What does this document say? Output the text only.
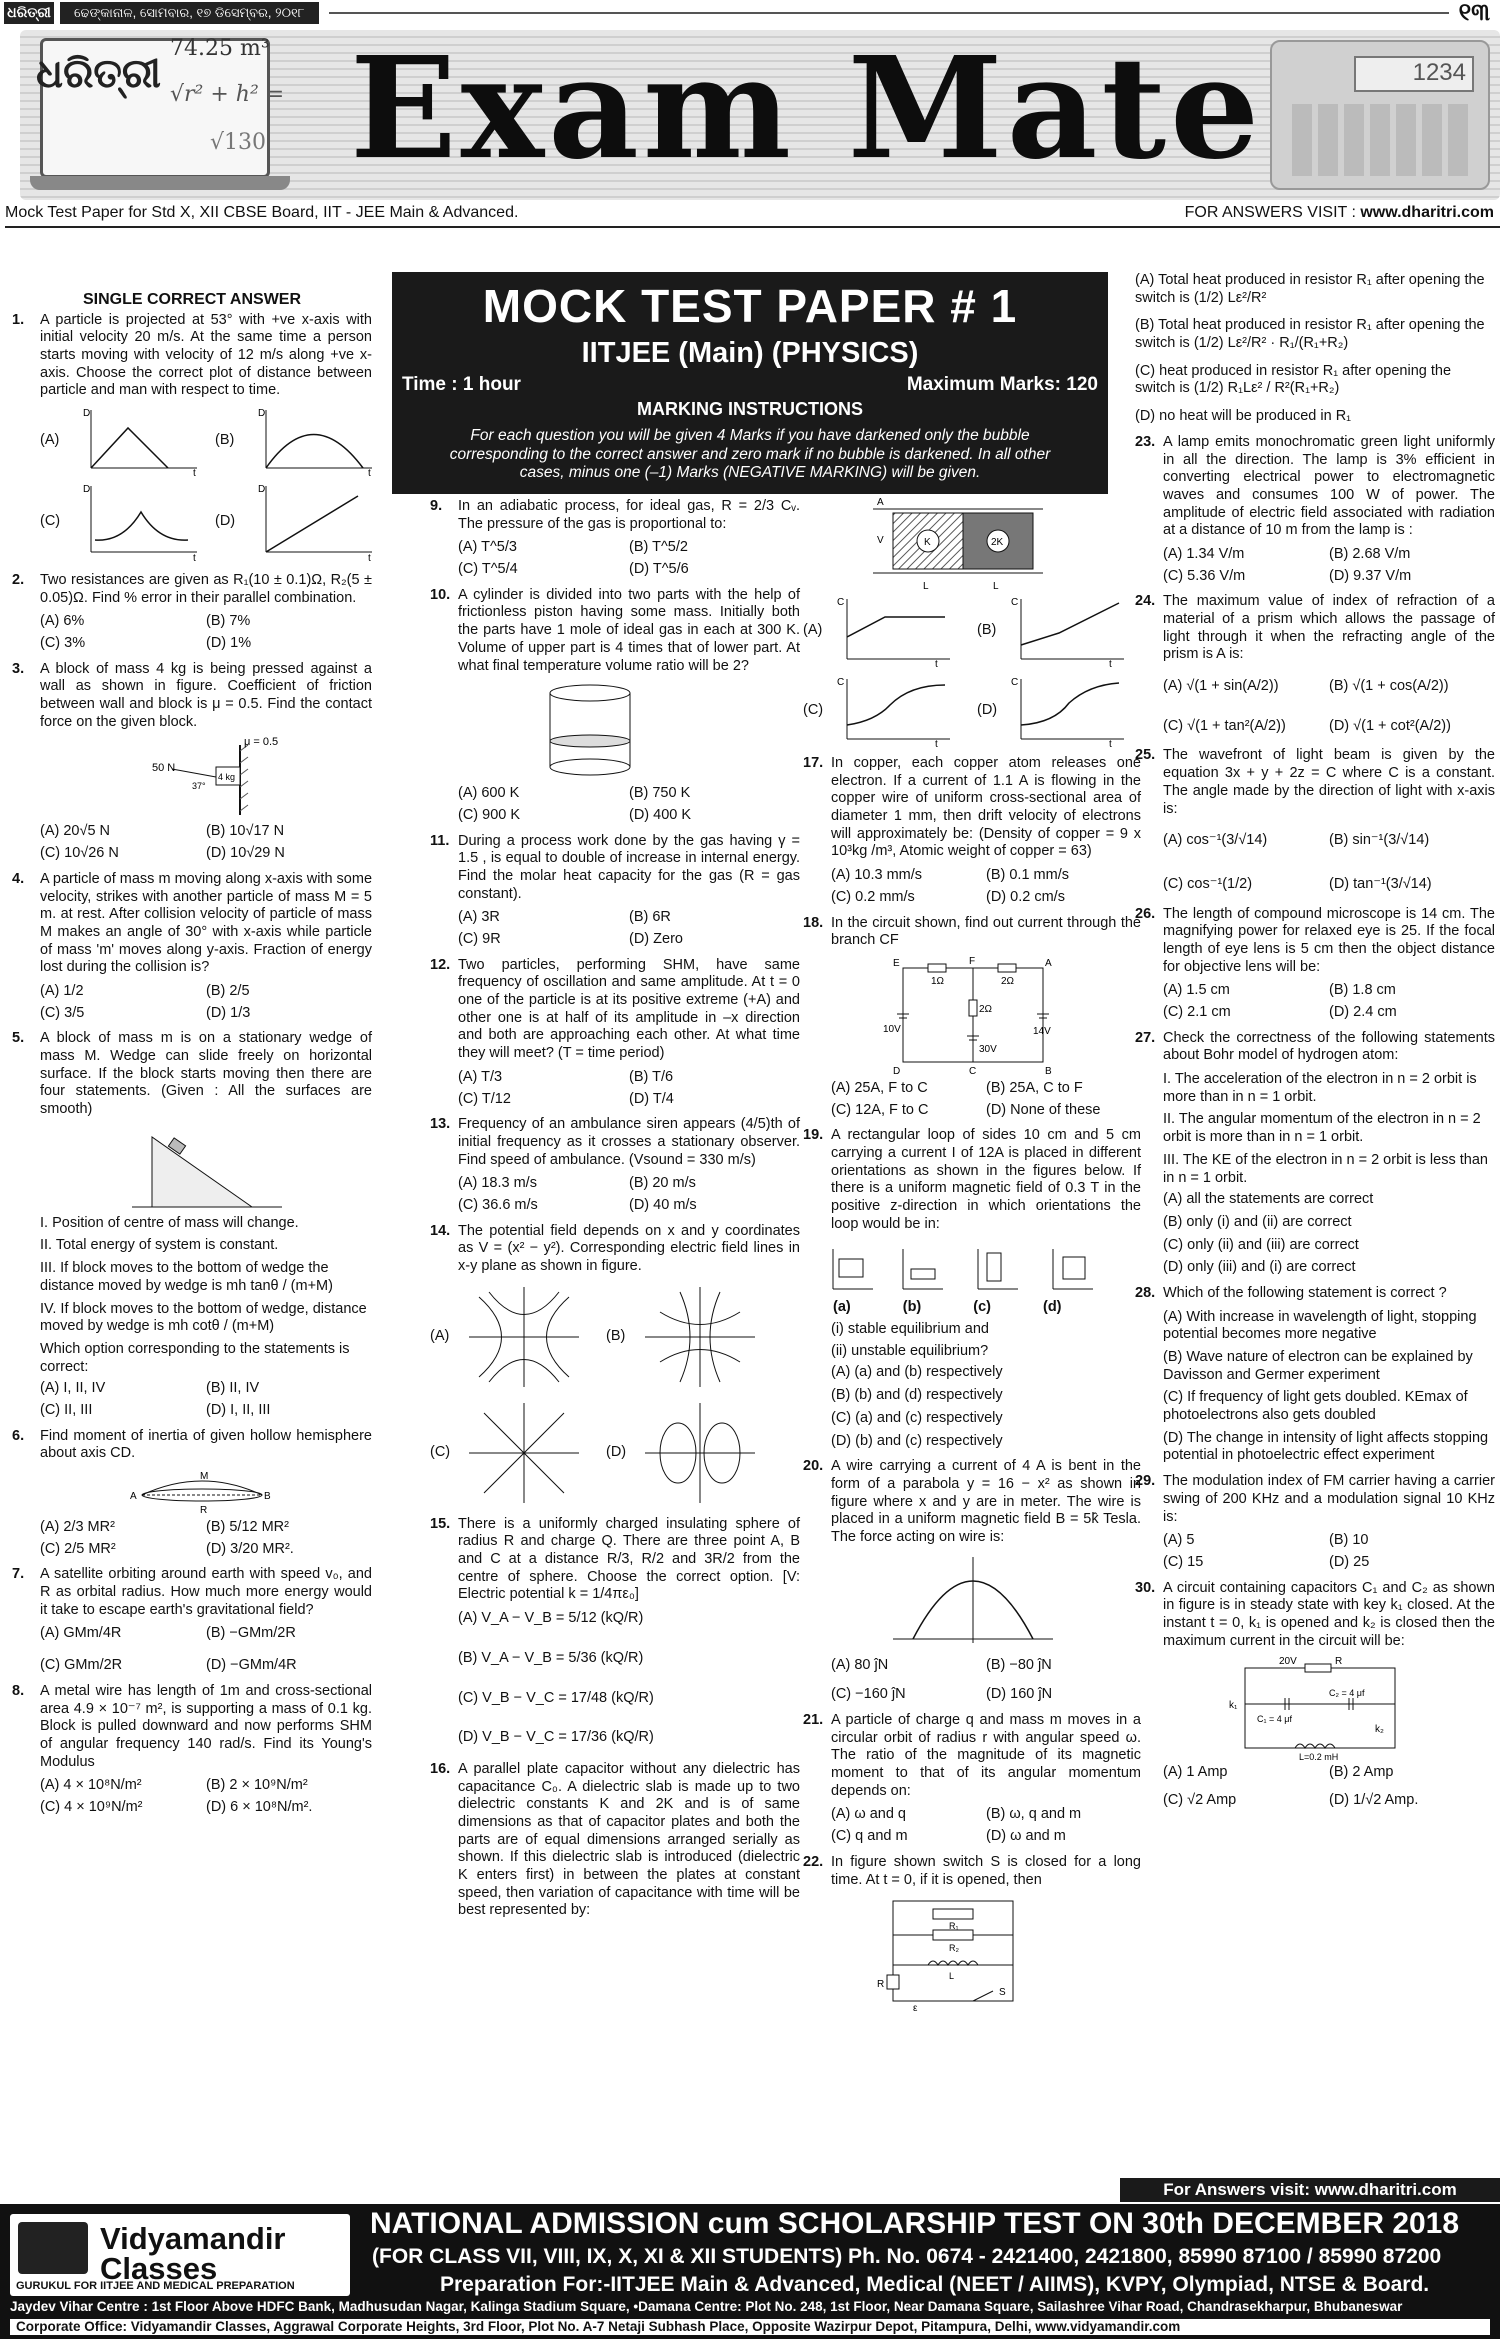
ଧରିତ୍ରୀ	ଢେଙ୍କାନାଳ, ସୋମବାର, ୧୭ ଡିସେମ୍ବର, ୨୦୧୮	୧୩
ଧରିତ୍ରୀ
74.25 m³
√r² + h² =
√130 Exam Mate	1234
Mock Test Paper for Std X, XII CBSE Board, IIT - JEE Main & Advanced.	FOR ANSWERS VISIT : www.dharitri.com
MOCK TEST PAPER # 1
IITJEE (Main) (PHYSICS)
Time : 1 hour	Maximum Marks: 120
MARKING INSTRUCTIONS
For each question you will be given 4 Marks if you have darkened only the bubble corresponding to the correct answer and zero mark if no bubble is darkened. In all other cases, minus one (–1) Marks (NEGATIVE MARKING) will be given.
SINGLE CORRECT ANSWER
1.	A particle is projected at 53° with +ve x-axis with initial velocity 20 m/s. At the same time a person starts moving with velocity of 12 m/s along +ve x-axis. Choose the correct plot of distance between particle and man with respect to time.
(A)
D
t
(B)
D
t
(C)
D
t
(D)
D
t
2.	Two resistances are given as R₁(10 ± 0.1)Ω, R₂(5 ± 0.05)Ω. Find % error in their parallel combination.
(A) 6%	(B) 7%
(C) 3%	(D) 1%
3.	A block of mass 4 kg is being pressed against a wall as shown in figure. Coefficient of friction between wall and block is μ = 0.5. Find the contact force on the given block.
4 kg
μ = 0.5
50 N
37°
(A) 20√5 N	(B) 10√17 N
(C) 10√26 N	(D) 10√29 N
4.	A particle of mass m moving along x-axis with some velocity, strikes with another particle of mass M = 5 m. at rest. After collision velocity of particle of mass M makes an angle of 30° with x-axis while particle of mass 'm' moves along y-axis. Fraction of energy lost during the collision is?
(A) 1/2	(B) 2/5
(C) 3/5	(D) 1/3
5.	A block of mass m is on a stationary wedge of mass M. Wedge can slide freely on horizontal surface. If the block starts moving then there are four statements. (Given : All the surfaces are smooth)
I. Position of centre of mass will change.
II. Total energy of system is constant.
III. If block moves to the bottom of wedge the distance moved by wedge is mh tanθ / (m+M)
IV. If block moves to the bottom of wedge, distance moved by wedge is mh cotθ / (m+M)
Which option corresponding to the statements is correct:
(A) I, II, IV	(B) II, IV
(C) II, III	(D) I, II, III
6.	Find moment of inertia of given hollow hemisphere about axis CD.
A	B
M
R
(A) 2/3 MR²	(B) 5/12 MR²
(C) 2/5 MR²	(D) 3/20 MR².
7.	A satellite orbiting around earth with speed v₀, and R as orbital radius. How much more energy would it take to escape earth's gravitational field?
(A) GMm/4R	(B) −GMm/2R
(C) GMm/2R	(D) −GMm/4R
8.	A metal wire has length of 1m and cross-sectional area 4.9 × 10⁻⁷ m², is supporting a mass of 0.1 kg. Block is pulled downward and now performs SHM of angular frequency 140 rad/s. Find its Young's Modulus
(A) 4 × 10⁸N/m²	(B) 2 × 10⁹N/m²
(C) 4 × 10⁹N/m²	(D) 6 × 10⁸N/m².
9.	In an adiabatic process, for ideal gas, R = 2/3 Cᵥ. The pressure of the gas is proportional to:
(A) T^5/3	(B) T^5/2
(C) T^5/4	(D) T^5/6
10. A cylinder is divided into two parts with the help of frictionless piston having some mass. Initially both the parts have 1 mole of ideal gas in each at 300 K. Volume of upper part is 4 times that of lower part. At what final temperature volume ratio will be 2?
(A) 600 K	(B) 750 K
(C) 900 K	(D) 400 K
11. During a process work done by the gas having γ = 1.5 , is equal to double of increase in internal energy. Find the molar heat capacity for the gas (R = gas constant).
(A) 3R	(B) 6R
(C) 9R	(D) Zero
12. Two particles, performing SHM, have same frequency of oscillation and same amplitude. At t = 0 one of the particle is at its positive extreme (+A) and other one is at half of its amplitude in –x direction and both are approaching each other. At what time they will meet? (T = time period)
(A) T/3	(B) T/6
(C) T/12	(D) T/4
13. Frequency of an ambulance siren appears (4/5)th of initial frequency as it crosses a stationary observer. Find speed of ambulance. (Vsound = 330 m/s)
(A) 18.3 m/s	(B) 20 m/s
(C) 36.6 m/s	(D) 40 m/s
14. The potential field depends on x and y coordinates as V = (x² − y²). Corresponding electric field lines in x-y plane as shown in figure.
(A)	(B)
(C)	(D)
15. There is a uniformly charged insulating sphere of radius R and charge Q. There are three point A, B and C at a distance R/3, R/2 and 3R/2 from the centre of sphere. Choose the correct option. [V: Electric potential k = 1/4πε₀]
(A) V_A − V_B = 5/12 (kQ/R)
(B) V_A − V_B = 5/36 (kQ/R)
(C) V_B − V_C = 17/48 (kQ/R)
(D) V_B − V_C = 17/36 (kQ/R)
16. A parallel plate capacitor without any dielectric has capacitance C₀. A dielectric slab is made up to two dielectric constants K and 2K and is of same dimensions as that of capacitor plates and both the parts are of equal dimensions arranged serially as shown. If this dielectric slab is introduced (dielectric K enters first) in between the plates at constant speed, then variation of capacitance with time will be best represented by:
K	2K
A
V
L	L
(A)
C
t
(B)
C
t
(C)
C
t
(D)
C
t
17. In copper, each copper atom releases one electron. If a current of 1.1 A is flowing in the copper wire of uniform cross-sectional area of diameter 1 mm, then drift velocity of electrons will approximately be: (Density of copper = 9 x 10³kg /m³, Atomic weight of copper = 63)
(A) 10.3 mm/s	(B) 0.1 mm/s
(C) 0.2 mm/s	(D) 0.2 cm/s
18. In the circuit shown, find out current through the branch CF
E	F	A
1Ω	2Ω
10V
2Ω
14V
30V
D	C	B
(A) 25A, F to C	(B) 25A, C to F
(C) 12A, F to C	(D) None of these
19. A rectangular loop of sides 10 cm and 5 cm carrying a current I of 12A is placed in different orientations as shown in the figures below. If there is a uniform magnetic field of 0.3 T in the positive z-direction in which orientations the loop would be in:
(a)	(b)	(c)	(d)
(i) stable equilibrium and
(ii) unstable equilibrium?
(A) (a) and (b) respectively
(B) (b) and (d) respectively
(C) (a) and (c) respectively
(D) (b) and (c) respectively
20. A wire carrying a current of 4 A is bent in the form of a parabola y = 16 − x² as shown in figure where x and y are in meter. The wire is placed in a uniform magnetic field B = 5k̂ Tesla. The force acting on wire is:
(A) 80 ĵN	(B) −80 ĵN
(C) −160 ĵN	(D) 160 ĵN
21. A particle of charge q and mass m moves in a circular orbit of radius r with angular speed ω. The ratio of the magnitude of its magnetic moment to that of its angular momentum depends on:
(A) ω and q	(B) ω, q and m
(C) q and m	(D) ω and m
22. In figure shown switch S is closed for a long time. At t = 0, if it is opened, then
R₁
R₂
L
R
S
ε
(A) Total heat produced in resistor R₁ after opening the switch is (1/2) Lε²/R²
(B) Total heat produced in resistor R₁ after opening the switch is (1/2) Lε²/R² · R₁/(R₁+R₂)
(C) heat produced in resistor R₁ after opening the switch is (1/2) R₁Lε² / R²(R₁+R₂)
(D) no heat will be produced in R₁
23. A lamp emits monochromatic green light uniformly in all the direction. The lamp is 3% efficient in converting electrical power to electromagnetic waves and consumes 100 W of power. The amplitude of electric field associated with radiation at a distance of 10 m from the lamp is :
(A) 1.34 V/m	(B) 2.68 V/m
(C) 5.36 V/m	(D) 9.37 V/m
24. The maximum value of index of refraction of a material of a prism which allows the passage of light through it when the refracting angle of the prism is A is:
(A) √(1 + sin(A/2))	(B) √(1 + cos(A/2))
(C) √(1 + tan²(A/2))	(D) √(1 + cot²(A/2))
25. The wavefront of light beam is given by the equation 3x + y + 2z = C where C is a constant. The angle made by the direction of light with x-axis is:
(A) cos⁻¹(3/√14)	(B) sin⁻¹(3/√14)
(C) cos⁻¹(1/2)	(D) tan⁻¹(3/√14)
26. The length of compound microscope is 14 cm. The magnifying power for relaxed eye is 25. If the focal length of eye lens is 5 cm then the object distance for objective lens will be:
(A) 1.5 cm	(B) 1.8 cm
(C) 2.1 cm	(D) 2.4 cm
27. Check the correctness of the following statements about Bohr model of hydrogen atom:
I. The acceleration of the electron in n = 2 orbit is more than in n = 1 orbit.
II. The angular momentum of the electron in n = 2 orbit is more than in n = 1 orbit.
III. The KE of the electron in n = 2 orbit is less than in n = 1 orbit.
(A) all the statements are correct
(B) only (i) and (ii) are correct
(C) only (ii) and (iii) are correct
(D) only (iii) and (i) are correct
28. Which of the following statement is correct ?
(A) With increase in wavelength of light, stopping potential becomes more negative
(B) Wave nature of electron can be explained by Davisson and Germer experiment
(C) If frequency of light gets doubled. KEmax of photoelectrons also gets doubled
(D) The change in intensity of light affects stopping potential in photoelectric effect experiment
29. The modulation index of FM carrier having a carrier swing of 200 KHz and a modulation signal 10 KHz is:
(A) 5	(B) 10
(C) 15	(D) 25
30. A circuit containing capacitors C₁ and C₂ as shown in figure is in steady state with key k₁ closed. At the instant t = 0, k₁ is opened and k₂ is closed then the maximum current in the circuit will be:
20V	R
k₁
C₁ = 4 μf
C₂ = 4 μf
k₂
L=0.2 mH
(A) 1 Amp	(B) 2 Amp
(C) √2 Amp	(D) 1/√2 Amp.
For Answers visit: www.dharitri.com
Vidyamandir
Classes
GURUKUL FOR IITJEE AND MEDICAL PREPARATION
NATIONAL ADMISSION cum SCHOLARSHIP TEST ON 30th DECEMBER 2018
(FOR CLASS VII, VIII, IX, X, XI & XII STUDENTS) Ph. No. 0674 - 2421400, 2421800, 85990 87100 / 85990 87200
Preparation For:-IITJEE Main & Advanced, Medical (NEET / AIIMS), KVPY, Olympiad, NTSE & Board.
Jaydev Vihar Centre : 1st Floor Above HDFC Bank, Madhusudan Nagar, Kalinga Stadium Square, •Damana Centre: Plot No. 248, 1st Floor, Near Damana Square, Sailashree Vihar Road, Chandrasekharpur, Bhubaneswar
Corporate Office: Vidyamandir Classes, Aggrawal Corporate Heights, 3rd Floor, Plot No. A-7 Netaji Subhash Place, Opposite Wazirpur Depot, Pitampura, Delhi, www.vidyamandir.com
